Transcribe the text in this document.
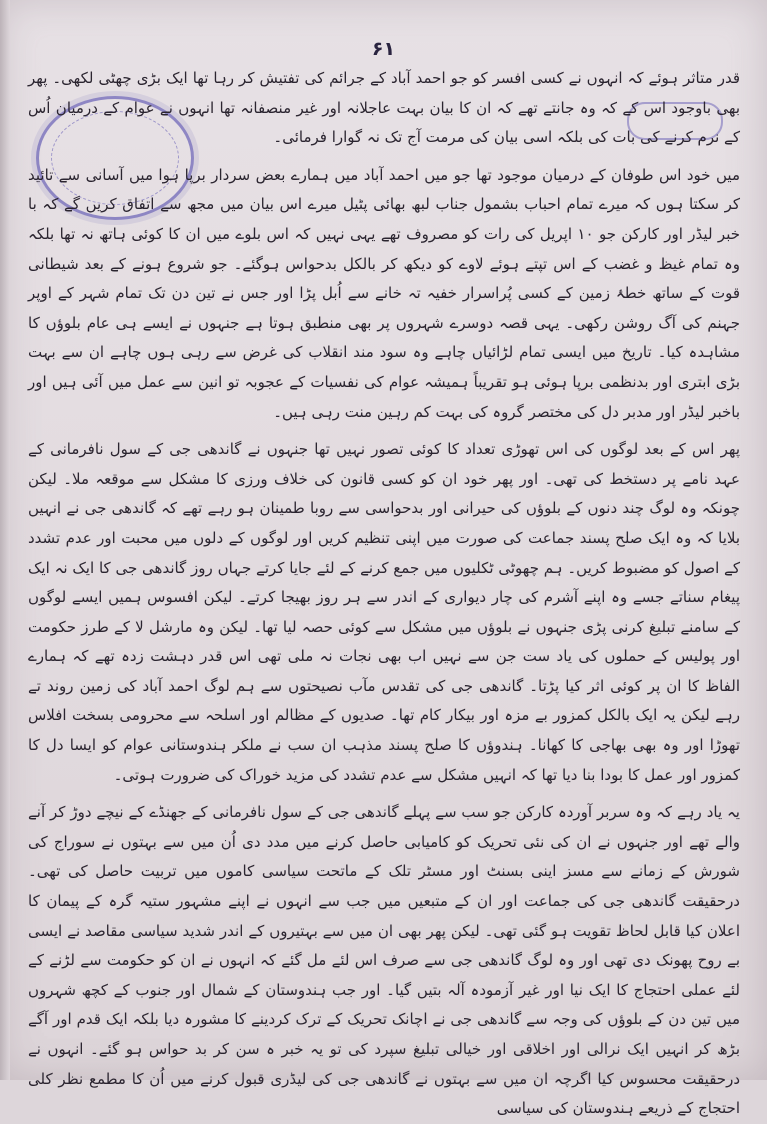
۶۱

قدر متاثر ہوئے کہ انہوں نے کسی افسر کو جو احمد آباد کے جرائم کی تفتیش کر رہا تھا ایک بڑی چھٹی لکھی۔ پھر بھی باوجود اس کے کہ وہ جانتے تھے کہ ان کا بیان بہت عاجلانہ اور غیر منصفانہ تھا انہوں نے عوام کے درمیان اُس کے نرم کرنے کی بات کی بلکہ اسی بیان کی مرمت آج تک نہ گوارا فرمائی۔

میں خود اس طوفان کے درمیان موجود تھا جو میں احمد آباد میں ہمارے بعض سردار برپا ہوا میں آسانی سے تائید کر سکتا ہوں کہ میرے تمام احباب بشمول جناب لبھ بھائی پٹیل میرے اس بیان میں مجھ سے اتفاق کریں گے کہ با خبر لیڈر اور کارکن جو ۱۰ اپریل کی رات کو مصروف تھے یہی نہیں کہ اس بلوے میں ان کا کوئی ہاتھ نہ تھا بلکہ وہ تمام غیظ و غضب کے اس تپتے ہوئے لاوے کو دیکھ کر بالکل بدحواس ہوگئے۔ جو شروع ہونے کے بعد شیطانی قوت کے ساتھ خطۂ زمین کے کسی پُراسرار خفیہ تہ خانے سے اُبل پڑا اور جس نے تین دن تک تمام شہر کے اوپر جہنم کی آگ روشن رکھی۔ یہی قصہ دوسرے شہروں پر بھی منطبق ہوتا ہے جنہوں نے ایسے ہی عام بلوؤں کا مشاہدہ کیا۔ تاریخ میں ایسی تمام لڑائیاں چاہے وہ سود مند انقلاب کی غرض سے رہی ہوں چاہے ان سے بہت بڑی ابتری اور بدنظمی برپا ہوئی ہو تقریباً ہمیشہ عوام کی نفسیات کے عجوبہ تو انین سے عمل میں آئی ہیں اور باخبر لیڈر اور مدبر دل کی مختصر گروہ کی بہت کم رہین منت رہی ہیں۔

پھر اس کے بعد لوگوں کی اس تھوڑی تعداد کا کوئی تصور نہیں تھا جنہوں نے گاندھی جی کے سول نافرمانی کے عہد نامے پر دستخط کی تھی۔ اور پھر خود ان کو کسی قانون کی خلاف ورزی کا مشکل سے موقعہ ملا۔ لیکن چونکہ وہ لوگ چند دنوں کے بلوؤں کی حیرانی اور بدحواسی سے روبا طمینان ہو رہے تھے کہ گاندھی جی نے انہیں بلایا کہ وہ ایک صلح پسند جماعت کی صورت میں اپنی تنظیم کریں اور لوگوں کے دلوں میں محبت اور عدم تشدد کے اصول کو مضبوط کریں۔ ہم چھوٹی ٹکلیوں میں جمع کرنے کے لئے جایا کرتے جہاں روز گاندھی جی کا ایک نہ ایک پیغام سناتے جسے وہ اپنے آشرم کی چار دیواری کے اندر سے ہر روز بھیجا کرتے۔ لیکن افسوس ہمیں ایسے لوگوں کے سامنے تبلیغ کرنی پڑی جنہوں نے بلوؤں میں مشکل سے کوئی حصہ لیا تھا۔ لیکن وہ مارشل لا کے طرز حکومت اور پولیس کے حملوں کی یاد ست جن سے نہیں اب بھی نجات نہ ملی تھی اس قدر دہشت زدہ تھے کہ ہمارے الفاظ کا ان پر کوئی اثر کیا پڑتا۔ گاندھی جی کی تقدس مآب نصیحتوں سے ہم لوگ احمد آباد کی زمین روند تے رہے لیکن یہ ایک بالکل کمزور بے مزہ اور بیکار کام تھا۔ صدیوں کے مظالم اور اسلحہ سے محرومی بسخت افلاس تھوڑا اور وہ بھی بھاجی کا کھانا۔ ہندوؤں کا صلح پسند مذہب ان سب نے ملکر ہندوستانی عوام کو ایسا دل کا کمزور اور عمل کا بودا بنا دیا تھا کہ انہیں مشکل سے عدم تشدد کی مزید خوراک کی ضرورت ہوتی۔

یہ یاد رہے کہ وہ سربر آوردہ کارکن جو سب سے پہلے گاندھی جی کے سول نافرمانی کے جھنڈے کے نیچے دوڑ کر آنے والے تھے اور جنہوں نے ان کی نئی تحریک کو کامیابی حاصل کرنے میں مدد دی اُن میں سے بہتوں نے سوراج کی شورش کے زمانے سے مسز اینی بسنٹ اور مسٹر تلک کے ماتحت سیاسی کاموں میں تربیت حاصل کی تھی۔ درحقیقت گاندھی جی کی جماعت اور ان کے متبعیں میں جب سے انہوں نے اپنے مشہور ستیہ گرہ کے پیمان کا اعلان کیا قابل لحاظ تقویت ہو گئی تھی۔ لیکن پھر بھی ان میں سے بہتیروں کے اندر شدید سیاسی مقاصد نے ایسی بے روح پھونک دی تھی اور وہ لوگ گاندھی جی سے صرف اس لئے مل گئے کہ انہوں نے ان کو حکومت سے لڑنے کے لئے عملی احتجاج کا ایک نیا اور غیر آزمودہ آلہ بتیں گیا۔ اور جب ہندوستان کے شمال اور جنوب کے کچھ شہروں میں تین دن کے بلوؤں کی وجہ سے گاندھی جی نے اچانک تحریک کے ترک کردینے کا مشورہ دیا بلکہ ایک قدم اور آگے بڑھ کر انہیں ایک نرالی اور اخلاقی اور خیالی تبلیغ سپرد کی تو یہ خبر ہ سن کر بد حواس ہو گئے۔ انہوں نے درحقیقت محسوس کیا اگرچہ ان میں سے بہتوں نے گاندھی جی کی لیڈری قبول کرنے میں اُن کا مطمع نظر کلی احتجاج کے ذریعے ہندوستان کی سیاسی
